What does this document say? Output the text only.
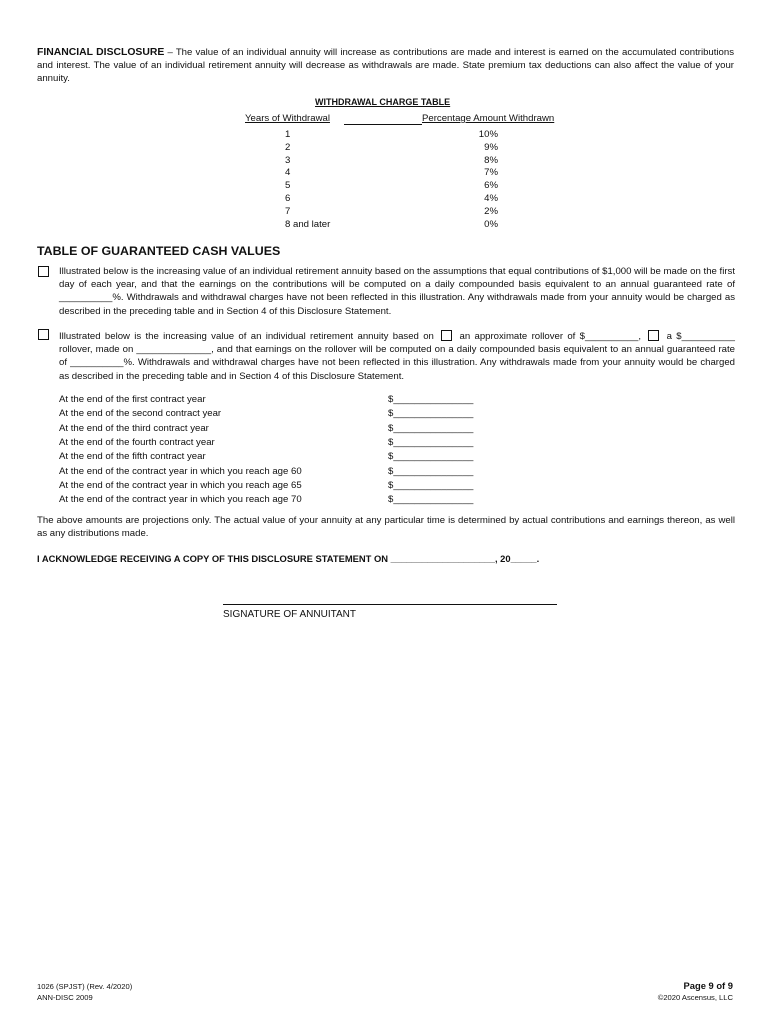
FINANCIAL DISCLOSURE – The value of an individual annuity will increase as contributions are made and interest is earned on the accumulated contributions and interest. The value of an individual retirement annuity will decrease as withdrawals are made. State premium tax deductions can also affect the value of your annuity.
WITHDRAWAL CHARGE TABLE
Years of Withdrawal	Percentage Amount Withdrawn
1	10%
2	9%
3	8%
4	7%
5	6%
6	4%
7	2%
8 and later	0%
TABLE OF GUARANTEED CASH VALUES
Illustrated below is the increasing value of an individual retirement annuity based on the assumptions that equal contributions of $1,000 will be made on the first day of each year, and that the earnings on the contributions will be computed on a daily compounded basis equivalent to an annual guaranteed rate of __________%. Withdrawals and withdrawal charges have not been reflected in this illustration. Any withdrawals made from your annuity would be charged as described in the preceding table and in Section 4 of this Disclosure Statement.
Illustrated below is the increasing value of an individual retirement annuity based on	an approximate rollover of $__________,	a $__________ rollover, made on ______________, and that earnings on the rollover will be computed on a daily compounded basis equivalent to an annual guaranteed rate of __________%. Withdrawals and withdrawal charges have not been reflected in this illustration. Any withdrawals made from your annuity would be charged as described in the preceding table and in Section 4 of this Disclosure Statement.
At the end of the first contract year	$_______________
At the end of the second contract year	$_______________
At the end of the third contract year	$_______________
At the end of the fourth contract year	$_______________
At the end of the fifth contract year	$_______________
At the end of the contract year in which you reach age 60	$_______________
At the end of the contract year in which you reach age 65	$_______________
At the end of the contract year in which you reach age 70	$_______________
The above amounts are projections only. The actual value of your annuity at any particular time is determined by actual contributions and earnings thereon, as well as any distributions made.
I ACKNOWLEDGE RECEIVING A COPY OF THIS DISCLOSURE STATEMENT ON ____________________, 20_____.
SIGNATURE OF ANNUITANT
1026 (SPJST) (Rev. 4/2020)
ANN-DISC 2009
Page 9 of 9
©2020 Ascensus, LLC
